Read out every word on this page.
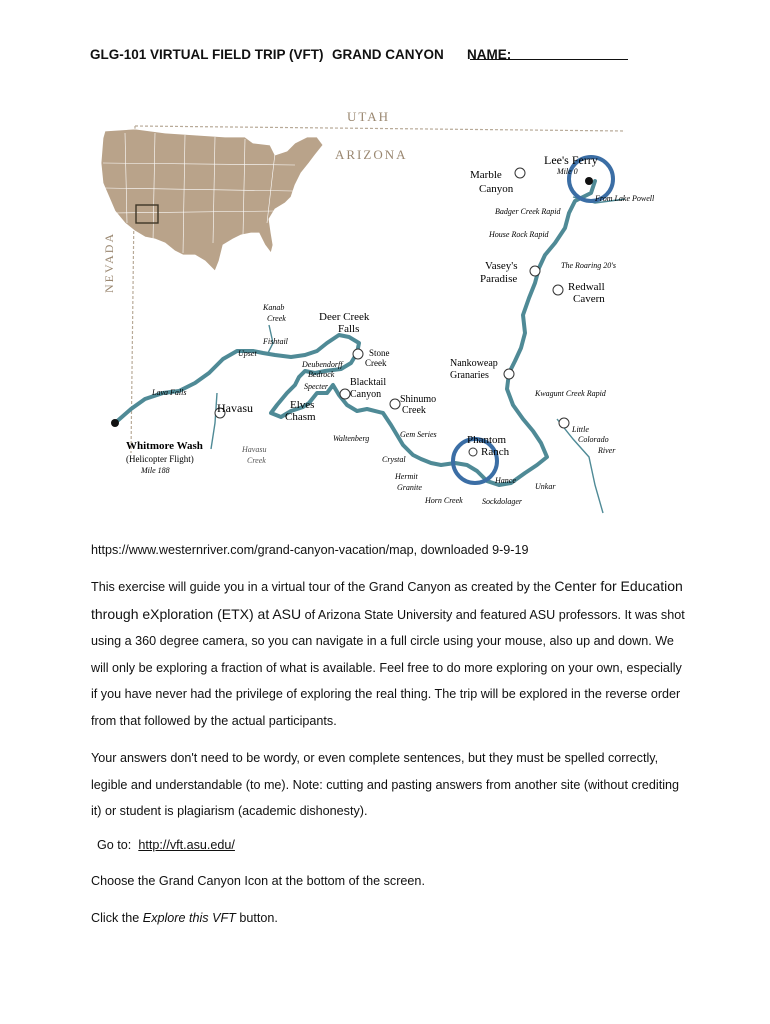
GLG-101 VIRTUAL FIELD TRIP (VFT) GRAND CANYON NAME:
UTAH
ARIZONA
NEVADA
Lee's Ferry
Mile 0
From Lake Powell
Marble
Canyon
Badger Creek Rapid
House Rock Rapid
Vasey's
Paradise
The Roaring 20's
Redwall
Cavern
Nankoweap
Granaries
Kwagunt Creek Rapid
Little
Colorado
River
Phantom
Ranch
Hance
Unkar
Sockdolager
Horn Creek
Hermit
Granite
Crystal
Gem Series
Waltenberg
Shinumo
Creek
Elves
Chasm
Blacktail
Canyon
Stone
Creek
Deer Creek
Falls
Deubendorff
Bedrock
Specter
Fishtail
Kanab
Creek
Upset
Lava Falls
Havasu
Havasu
Creek
Whitmore Wash
(Helicopter Flight)
Mile 188
https://www.westernriver.com/grand-canyon-vacation/map, downloaded 9-9-19
This exercise will guide you in a virtual tour of the Grand Canyon as created by the Center for Education through eXploration (ETX) at ASU of Arizona State University and featured ASU professors. It was shot using a 360 degree camera, so you can navigate in a full circle using your mouse, also up and down. We will only be exploring a fraction of what is available. Feel free to do more exploring on your own, especially if you have never had the privilege of exploring the real thing. The trip will be explored in the reverse order from that followed by the actual participants.
Your answers don't need to be wordy, or even complete sentences, but they must be spelled correctly, legible and understandable (to me). Note: cutting and pasting answers from another site (without crediting it) or student is plagiarism (academic dishonesty).
Go to: http://vft.asu.edu/
Choose the Grand Canyon Icon at the bottom of the screen.
Click the Explore this VFT button.
